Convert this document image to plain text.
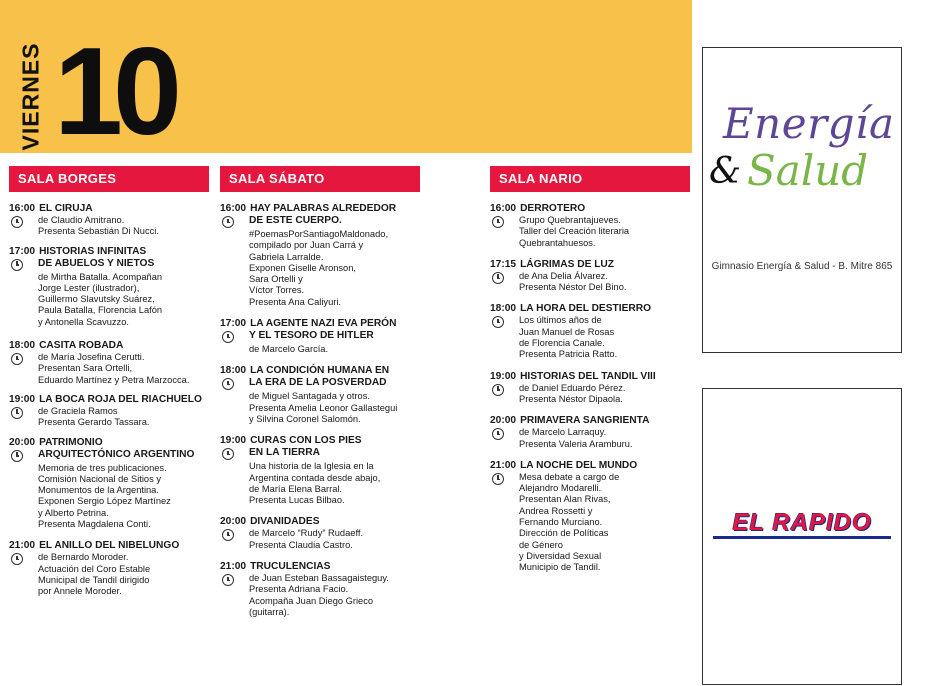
VIERNES 10
SALA BORGES
16:00 EL CIRUJA
de Claudio Amitrano.
Presenta Sebastián Di Nucci.
17:00 HISTORIAS INFINITAS
DE ABUELOS Y NIETOS
de Mirtha Batalla. Acompañan
Jorge Lester (ilustrador),
Guillermo Slavutsky Suárez,
Paula Batalla, Florencia Lafón
y Antonella Scavuzzo.
18:00 CASITA ROBADA
de María Josefina Cerutti.
Presentan Sara Ortelli,
Eduardo Martínez y Petra Marzocca.
19:00 LA BOCA ROJA DEL RIACHUELO
de Graciela Ramos
Presenta Gerardo Tassara.
20:00 PATRIMONIO
ARQUITECTÓNICO ARGENTINO
Memoria de tres publicaciones.
Comisión Nacional de Sitios y
Monumentos de la Argentina.
Exponen Sergio López Martínez
y Alberto Petrina.
Presenta Magdalena Conti.
21:00 EL ANILLO DEL NIBELUNGO
de Bernardo Moroder.
Actuación del Coro Estable
Municipal de Tandil dirigido
por Annele Moroder.
SALA SÁBATO
16:00 HAY PALABRAS ALREDEDOR
DE ESTE CUERPO.
#PoemasPorSantiagoMaldonado,
compilado por Juan Carrá y
Gabriela Larralde.
Exponen Giselle Aronson,
Sara Ortelli y
Víctor Torres.
Presenta Ana Caliyuri.
17:00 LA AGENTE NAZI EVA PERÓN
Y EL TESORO DE HITLER
de Marcelo García.
18:00 LA CONDICIÓN HUMANA EN
LA ERA DE LA POSVERDAD
de Miguel Santagada y otros.
Presenta Amelia Leonor Gallastegui
y Silvina Coronel Salomón.
19:00 CURAS CON LOS PIES
EN LA TIERRA
Una historia de la Iglesia en la
Argentina contada desde abajo,
de María Elena Barral.
Presenta Lucas Bilbao.
20:00 DIVANIDADES
de Marcelo “Rudy” Rudaeff.
Presenta Claudia Castro.
21:00 TRUCULENCIAS
de Juan Esteban Bassagaisteguy.
Presenta Adriana Facio.
Acompaña Juan Diego Grieco
(guitarra).
SALA NARIO
16:00 DERROTERO
Grupo Quebrantajueves.
Taller del Creación literaria
Quebrantahuesos.
17:15 LÁGRIMAS DE LUZ
de Ana Delia Álvarez.
Presenta Néstor Del Bino.
18:00 LA HORA DEL DESTIERRO
Los últimos años de
Juan Manuel de Rosas
de Florencia Canale.
Presenta Patricia Ratto.
19:00 HISTORIAS DEL TANDIL VIII
de Daniel Eduardo Pérez.
Presenta Néstor Dipaola.
20:00 PRIMAVERA SANGRIENTA
de Marcelo Larraquy.
Presenta Valeria Aramburu.
21:00 LA NOCHE DEL MUNDO
Mesa debate a cargo de
Alejandro Modarelli.
Presentan Alan Rivas,
Andrea Rossetti y
Fernando Murciano.
Dirección de Políticas
de Género
y Diversidad Sexual
Municipio de Tandil.
Energía
& Salud
Gimnasio Energía & Salud - B. Mitre 865
EL RAPIDO
